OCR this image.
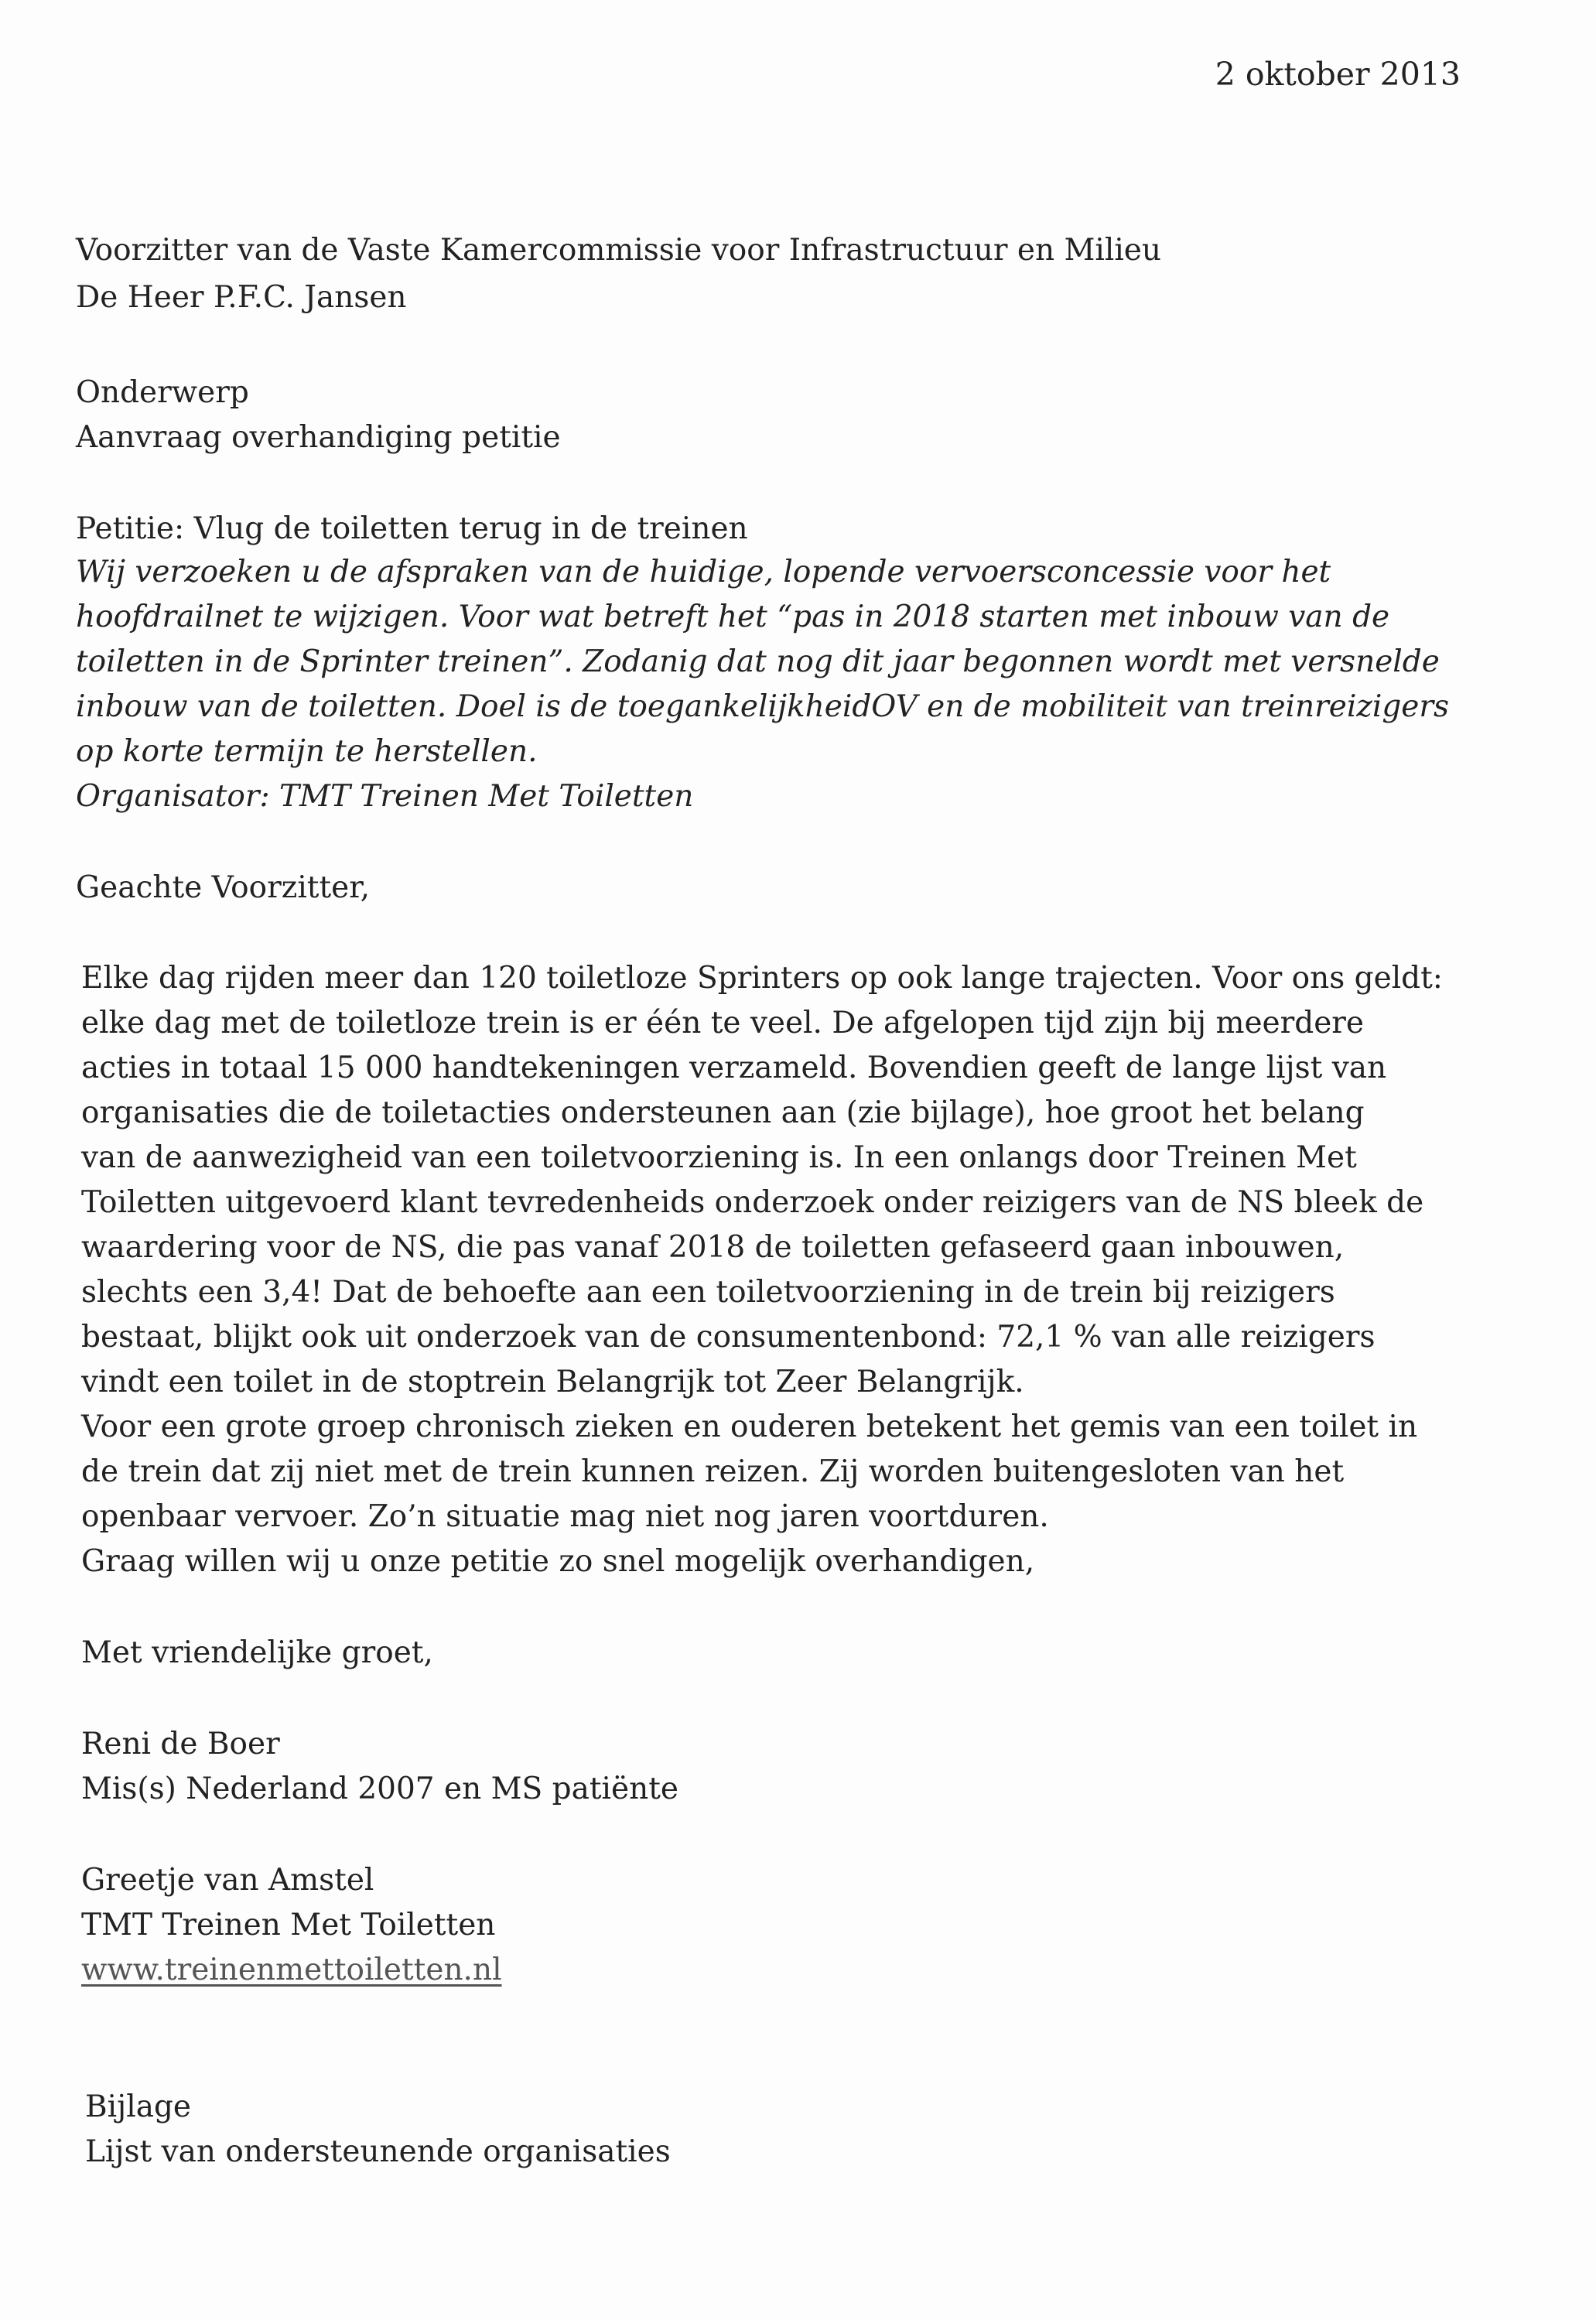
2 oktober 2013
Voorzitter van de Vaste Kamercommissie voor Infrastructuur en Milieu
De Heer P.F.C. Jansen
Onderwerp
Aanvraag overhandiging petitie
Petitie: Vlug de toiletten terug in de treinen
Wij verzoeken u de afspraken van de huidige, lopende vervoersconcessie voor het
hoofdrailnet te wijzigen. Voor wat betreft het “pas in 2018 starten met inbouw van de
toiletten in de Sprinter treinen”. Zodanig dat nog dit jaar begonnen wordt met versnelde
inbouw van de toiletten. Doel is de toegankelijkheidOV en de mobiliteit van treinreizigers
op korte termijn te herstellen.
Organisator: TMT Treinen Met Toiletten
Geachte Voorzitter,
Elke dag rijden meer dan 120 toiletloze Sprinters op ook lange trajecten. Voor ons geldt:
elke dag met de toiletloze trein is er één te veel. De afgelopen tijd zijn bij meerdere
acties in totaal 15 000 handtekeningen verzameld. Bovendien geeft de lange lijst van
organisaties die de toiletacties ondersteunen aan (zie bijlage), hoe groot het belang
van de aanwezigheid van een toiletvoorziening is. In een onlangs door Treinen Met
Toiletten uitgevoerd klant tevredenheids onderzoek onder reizigers van de NS bleek de
waardering voor de NS, die pas vanaf 2018 de toiletten gefaseerd gaan inbouwen,
slechts een 3,4! Dat de behoefte aan een toiletvoorziening in de trein bij reizigers
bestaat, blijkt ook uit onderzoek van de consumentenbond: 72,1 % van alle reizigers
vindt een toilet in de stoptrein Belangrijk tot Zeer Belangrijk.
Voor een grote groep chronisch zieken en ouderen betekent het gemis van een toilet in
de trein dat zij niet met de trein kunnen reizen. Zij worden buitengesloten van het
openbaar vervoer. Zo’n situatie mag niet nog jaren voortduren.
Graag willen wij u onze petitie zo snel mogelijk overhandigen,
Met vriendelijke groet,
Reni de Boer
Mis(s) Nederland 2007 en MS patiënte
Greetje van Amstel
TMT Treinen Met Toiletten
www.treinenmettoiletten.nl
Bijlage
Lijst van ondersteunende organisaties
